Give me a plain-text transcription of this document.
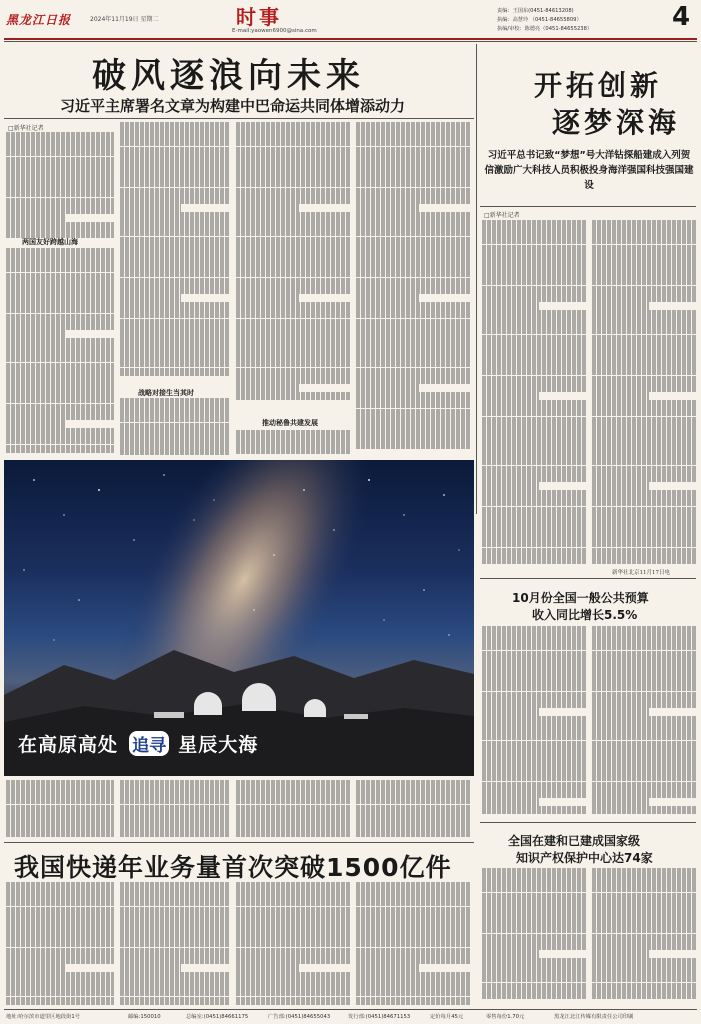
黑龙江日报	2024年11月19日 星期二	时事
E-mail:yaowen6900@sina.com
责编：王国东(0451-84613208)
执编：高慧玲 （0451-84655809）
执编/审校：陈德亮（0451-84655238）	4
破风逐浪向未来
习近平主席署名文章为构建中巴命运共同体增添动力
□新华社记者
两国友好跨越山海
战略对接生当其时
推动秘鲁共建发展
开拓创新
逐梦深海
习近平总书记致“梦想”号大洋钻探船建成入列贺信激励广大科技人员积极投身海洋强国科技强国建设
□新华社记者
新华社北京11月17日电
在高原高处 追寻 星辰大海
10月份全国一般公共预算
收入同比增长5.5%
全国在建和已建成国家级
知识产权保护中心达74家
我国快递年业务量首次突破1500亿件
地址:哈尔滨市道里区地段街1号	邮编:150010	总编室:(0451)84661175	广告部:(0451)84655043	发行部:(0451)84671153	定价每月45元	零售每份1.70元	黑龙江北江传媒有限责任公司印刷
